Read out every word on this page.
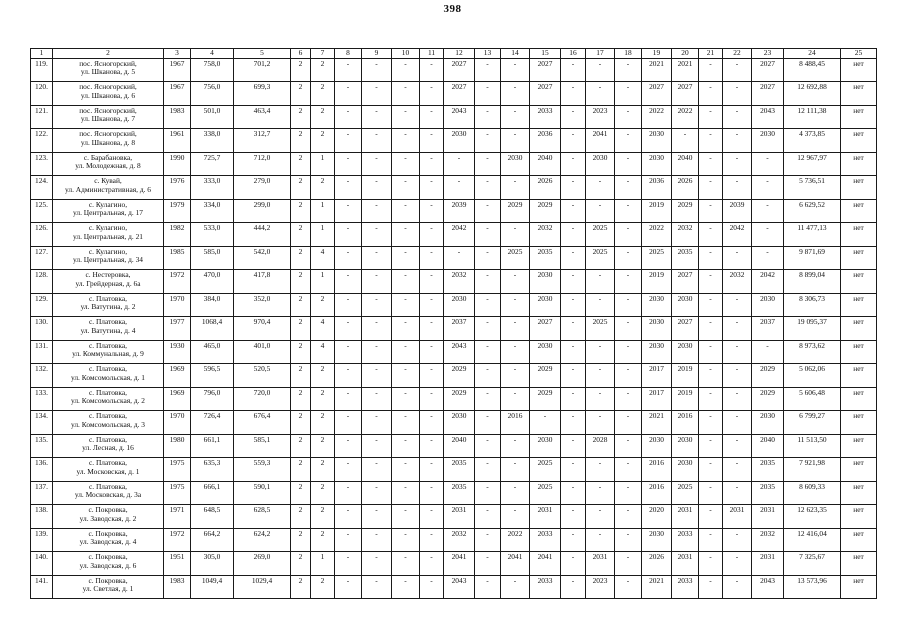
398
1	2	3	4	5	6	7	8	9	10	11	12	13	14	15	16	17	18	19	20	21	22	23	24	25
119.	пос. Ясногорский,
ул. Шканова, д. 5	1967	758,0	701,2	2	2	-	-	-	-	2027	-	-	2027	-	-	-	2021	2021	-	-	2027	8 488,45	нет
120.	пос. Ясногорский,
ул. Шканова, д. 6	1967	756,0	699,3	2	2	-	-	-	-	2027	-	-	2027	-	-	-	2027	2027	-	-	2027	12 692,88	нет
121.	пос. Ясногорский,
ул. Шканова, д. 7	1983	501,0	463,4	2	2	-	-	-	-	2043	-	-	2033	-	2023	-	2022	2022	-	-	2043	12 111,38	нет
122.	пос. Ясногорский,
ул. Шканова, д. 8	1961	338,0	312,7	2	2	-	-	-	-	2030	-	-	2036	-	2041	-	2030	-	-	-	2030	4 373,85	нет
123.	с. Барабановка,
ул. Молодежная, д. 8	1990	725,7	712,0	2	1	-	-	-	-	-	-	2030	2040	-	2030	-	2030	2040	-	-	-	12 967,97	нет
124.	с. Кувай,
ул. Административная, д. 6	1976	333,0	279,0	2	2	-	-	-	-	-	-	-	2026	-	-	-	2036	2026	-	-	-	5 736,51	нет
125.	с. Кулагино,
ул. Центральная, д. 17	1979	334,0	299,0	2	1	-	-	-	-	2039	-	2029	2029	-	-	-	2019	2029	-	2039	-	6 629,52	нет
126.	с. Кулагино,
ул. Центральная, д. 21	1982	533,0	444,2	2	1	-	-	-	-	2042	-	-	2032	-	2025	-	2022	2032	-	2042	-	11 477,13	нет
127.	с. Кулагино,
ул. Центральная, д. 34	1985	585,0	542,0	2	4	-	-	-	-	-	-	2025	2035	-	2025	-	2025	2035	-	-	-	9 871,69	нет
128.	с. Нестеровка,
ул. Грейдерная, д. 6а	1972	470,0	417,8	2	1	-	-	-	-	2032	-	-	2030	-	-	-	2019	2027	-	2032	2042	8 899,04	нет
129.	с. Платовка,
ул. Ватутина, д. 2	1970	384,0	352,0	2	2	-	-	-	-	2030	-	-	2030	-	-	-	2030	2030	-	-	2030	8 306,73	нет
130.	с. Платовка,
ул. Ватутина, д. 4	1977	1068,4	970,4	2	4	-	-	-	-	2037	-	-	2027	-	2025	-	2030	2027	-	-	2037	19 095,37	нет
131.	с. Платовка,
ул. Коммунальная, д. 9	1930	465,0	401,0	2	4	-	-	-	-	2043	-	-	2030	-	-	-	2030	2030	-	-	-	8 973,62	нет
132.	с. Платовка,
ул. Комсомольская, д. 1	1969	596,5	520,5	2	2	-	-	-	-	2029	-	-	2029	-	-	-	2017	2019	-	-	2029	5 062,06	нет
133.	с. Платовка,
ул. Комсомольская, д. 2	1969	796,0	720,0	2	2	-	-	-	-	2029	-	-	2029	-	-	-	2017	2019	-	-	2029	5 606,48	нет
134.	с. Платовка,
ул. Комсомольская, д. 3	1970	726,4	676,4	2	2	-	-	-	-	2030	-	2016	-	-	-	-	2021	2016	-	-	2030	6 799,27	нет
135.	с. Платовка,
ул. Лесная, д. 16	1980	661,1	585,1	2	2	-	-	-	-	2040	-	-	2030	-	2028	-	2030	2030	-	-	2040	11 513,50	нет
136.	с. Платовка,
ул. Московская, д. 1	1975	635,3	559,3	2	2	-	-	-	-	2035	-	-	2025	-	-	-	2016	2030	-	-	2035	7 921,98	нет
137.	с. Платовка,
ул. Московская, д. 3а	1975	666,1	590,1	2	2	-	-	-	-	2035	-	-	2025	-	-	-	2016	2025	-	-	2035	8 609,33	нет
138.	с. Покровка,
ул. Заводская, д. 2	1971	648,5	628,5	2	2	-	-	-	-	2031	-	-	2031	-	-	-	2020	2031	-	2031	2031	12 623,35	нет
139.	с. Покровка,
ул. Заводская, д. 4	1972	664,2	624,2	2	2	-	-	-	-	2032	-	2022	2033	-	-	-	2030	2033	-	-	2032	12 416,04	нет
140.	с. Покровка,
ул. Заводская, д. 6	1951	305,0	269,0	2	1	-	-	-	-	2041	-	2041	2041	-	2031	-	2026	2031	-	-	2031	7 325,67	нет
141.	с. Покровка,
ул. Светлая, д. 1	1983	1049,4	1029,4	2	2	-	-	-	-	2043	-	-	2033	-	2023	-	2021	2033	-	-	2043	13 573,96	нет
